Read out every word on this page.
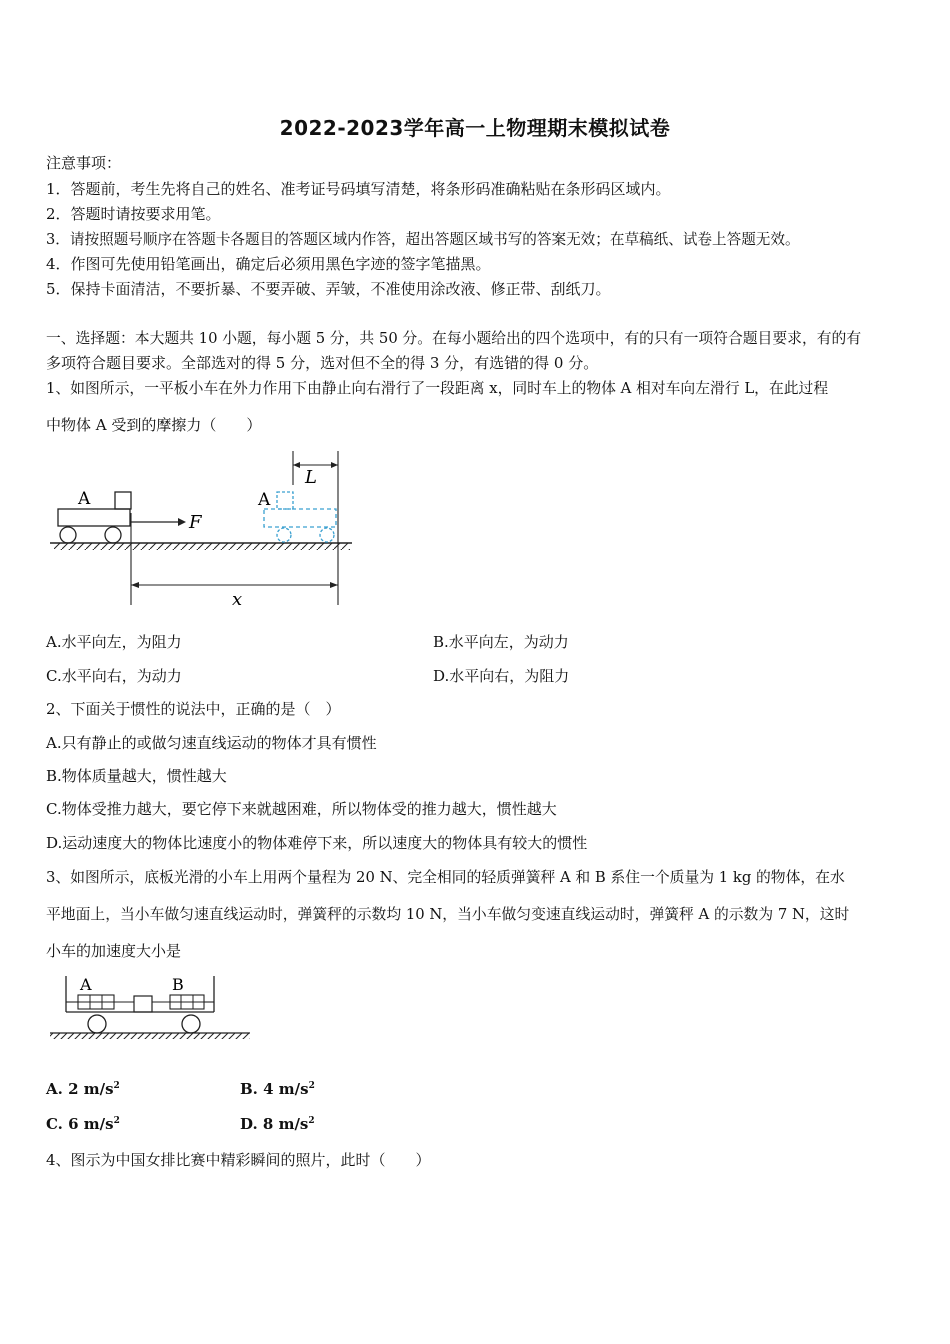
2022-2023学年高一上物理期末模拟试卷
注意事项：
1．答题前，考生先将自己的姓名、准考证号码填写清楚，将条形码准确粘贴在条形码区域内。
2．答题时请按要求用笔。
3．请按照题号顺序在答题卡各题目的答题区域内作答，超出答题区域书写的答案无效；在草稿纸、试卷上答题无效。
4．作图可先使用铅笔画出，确定后必须用黑色字迹的签字笔描黑。
5．保持卡面清洁，不要折暴、不要弄破、弄皱，不准使用涂改液、修正带、刮纸刀。
一、选择题：本大题共 10 小题，每小题 5 分，共 50 分。在每小题给出的四个选项中，有的只有一项符合题目要求，有的有
多项符合题目要求。全部选对的得 5 分，选对但不全的得 3 分，有选错的得 0 分。
1、如图所示，一平板小车在外力作用下由静止向右滑行了一段距离 x，同时车上的物体 A 相对车向左滑行 L，在此过程
中物体 A 受到的摩擦力（　　）
A
F
A
L
x
A.水平向左，为阻力	B.水平向左，为动力
C.水平向右，为动力	D.水平向右，为阻力
2、下面关于惯性的说法中，正确的是（　）
A.只有静止的或做匀速直线运动的物体才具有惯性
B.物体质量越大，惯性越大
C.物体受推力越大，要它停下来就越困难，所以物体受的推力越大，惯性越大
D.运动速度大的物体比速度小的物体难停下来，所以速度大的物体具有较大的惯性
3、如图所示，底板光滑的小车上用两个量程为 20 N、完全相同的轻质弹簧秤 A 和 B 系住一个质量为 1 kg 的物体，在水
平地面上，当小车做匀速直线运动时，弹簧秤的示数均 10 N，当小车做匀变速直线运动时，弹簧秤 A 的示数为 7 N，这时
小车的加速度大小是
A	B
A. 2 $m/s^2$	B. 4 $m/s^2$
C. 6 $m/s^2$	D. 8 $m/s^2$
4、图示为中国女排比赛中精彩瞬间的照片，此时（　　）
